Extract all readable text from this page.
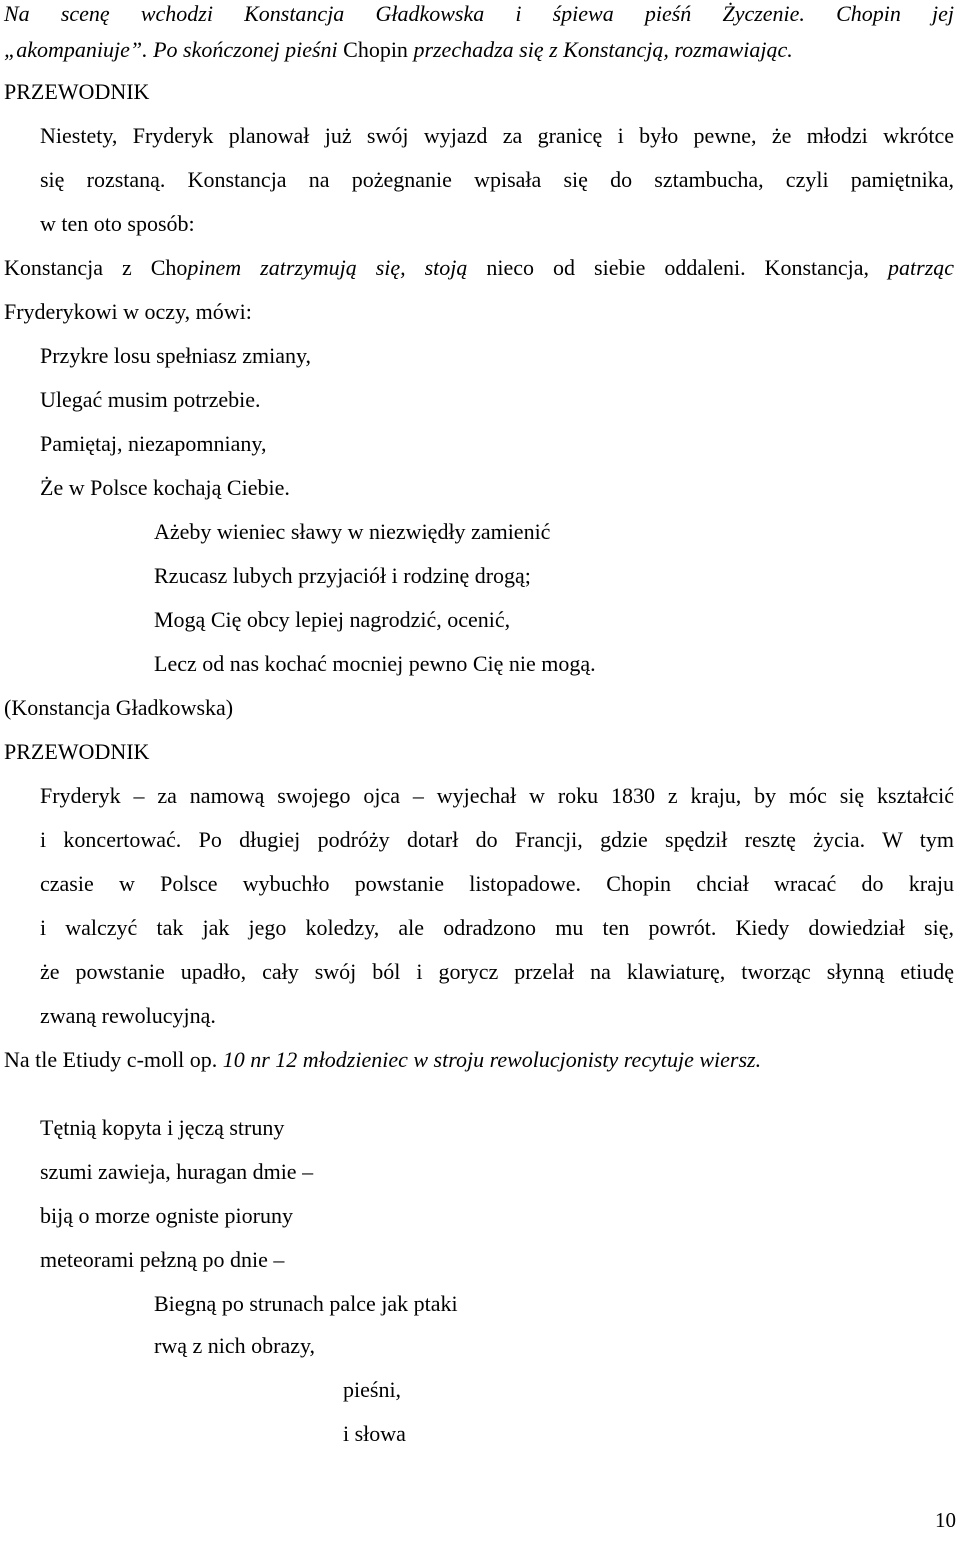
Na scenę wchodzi Konstancja Gładkowska i śpiewa pieśń Życzenie. Chopin jej
„akompaniuje”. Po skończonej pieśni Chopin przechadza się z Konstancją, rozmawiając.
PRZEWODNIK
Niestety, Fryderyk planował już swój wyjazd za granicę i było pewne, że młodzi wkrótce
się rozstaną. Konstancja na pożegnanie wpisała się do sztambucha, czyli pamiętnika,
w ten oto sposób:
Konstancja z Chopinem zatrzymują się, stoją nieco od siebie oddaleni. Konstancja, patrząc
Fryderykowi w oczy, mówi:
Przykre losu spełniasz zmiany,
Ulegać musim potrzebie.
Pamiętaj, niezapomniany,
Że w Polsce kochają Ciebie.
Ażeby wieniec sławy w niezwiędły zamienić
Rzucasz lubych przyjaciół i rodzinę drogą;
Mogą Cię obcy lepiej nagrodzić, ocenić,
Lecz od nas kochać mocniej pewno Cię nie mogą.
(Konstancja Gładkowska)
PRZEWODNIK
Fryderyk – za namową swojego ojca – wyjechał w roku 1830 z kraju, by móc się kształcić
i koncertować. Po długiej podróży dotarł do Francji, gdzie spędził resztę życia. W tym
czasie w Polsce wybuchło powstanie listopadowe. Chopin chciał wracać do kraju
i walczyć tak jak jego koledzy, ale odradzono mu ten powrót. Kiedy dowiedział się,
że powstanie upadło, cały swój ból i gorycz przelał na klawiaturę, tworząc słynną etiudę
zwaną rewolucyjną.
Na tle Etiudy c-moll op. 10 nr 12 młodzieniec w stroju rewolucjonisty recytuje wiersz.
Tętnią kopyta i jęczą struny
szumi zawieja, huragan dmie –
biją o morze ogniste pioruny
meteorami pełzną po dnie –
Biegną po strunach palce jak ptaki
rwą z nich obrazy,
pieśni,
i słowa
10
